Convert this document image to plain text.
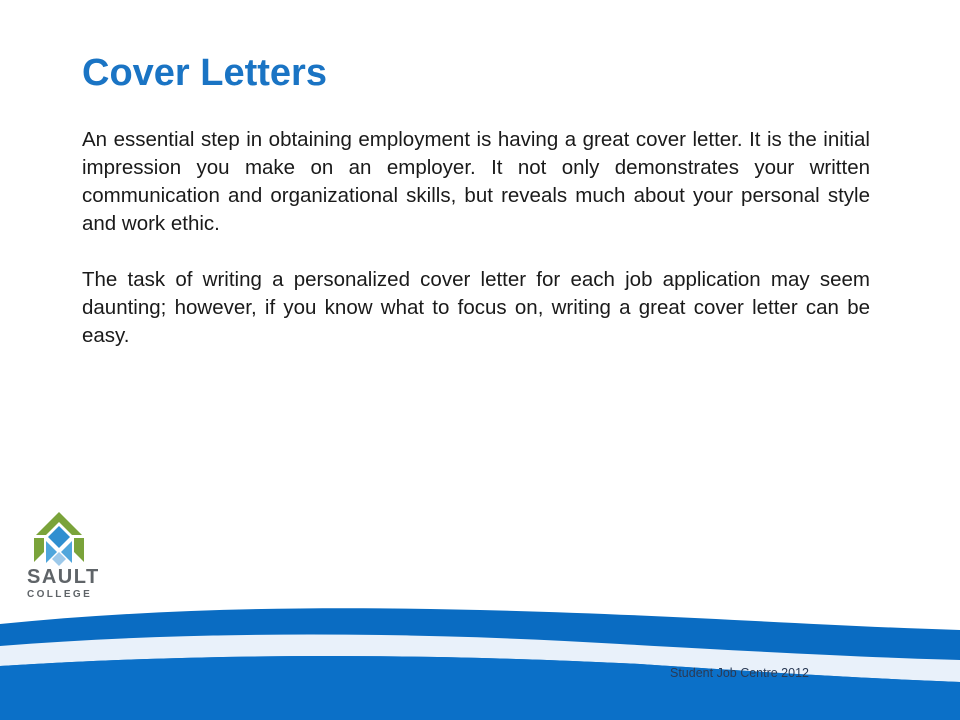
Cover Letters

An essential step in obtaining employment is having a great cover letter. It is the initial impression you make on an employer. It not only demonstrates your written communication and organizational skills, but reveals much about your personal style and work ethic.

The task of writing a personalized cover letter for each job application may seem daunting; however, if you know what to focus on, writing a great cover letter can be easy.

SAULT
COLLEGE
Student Job Centre 2012
